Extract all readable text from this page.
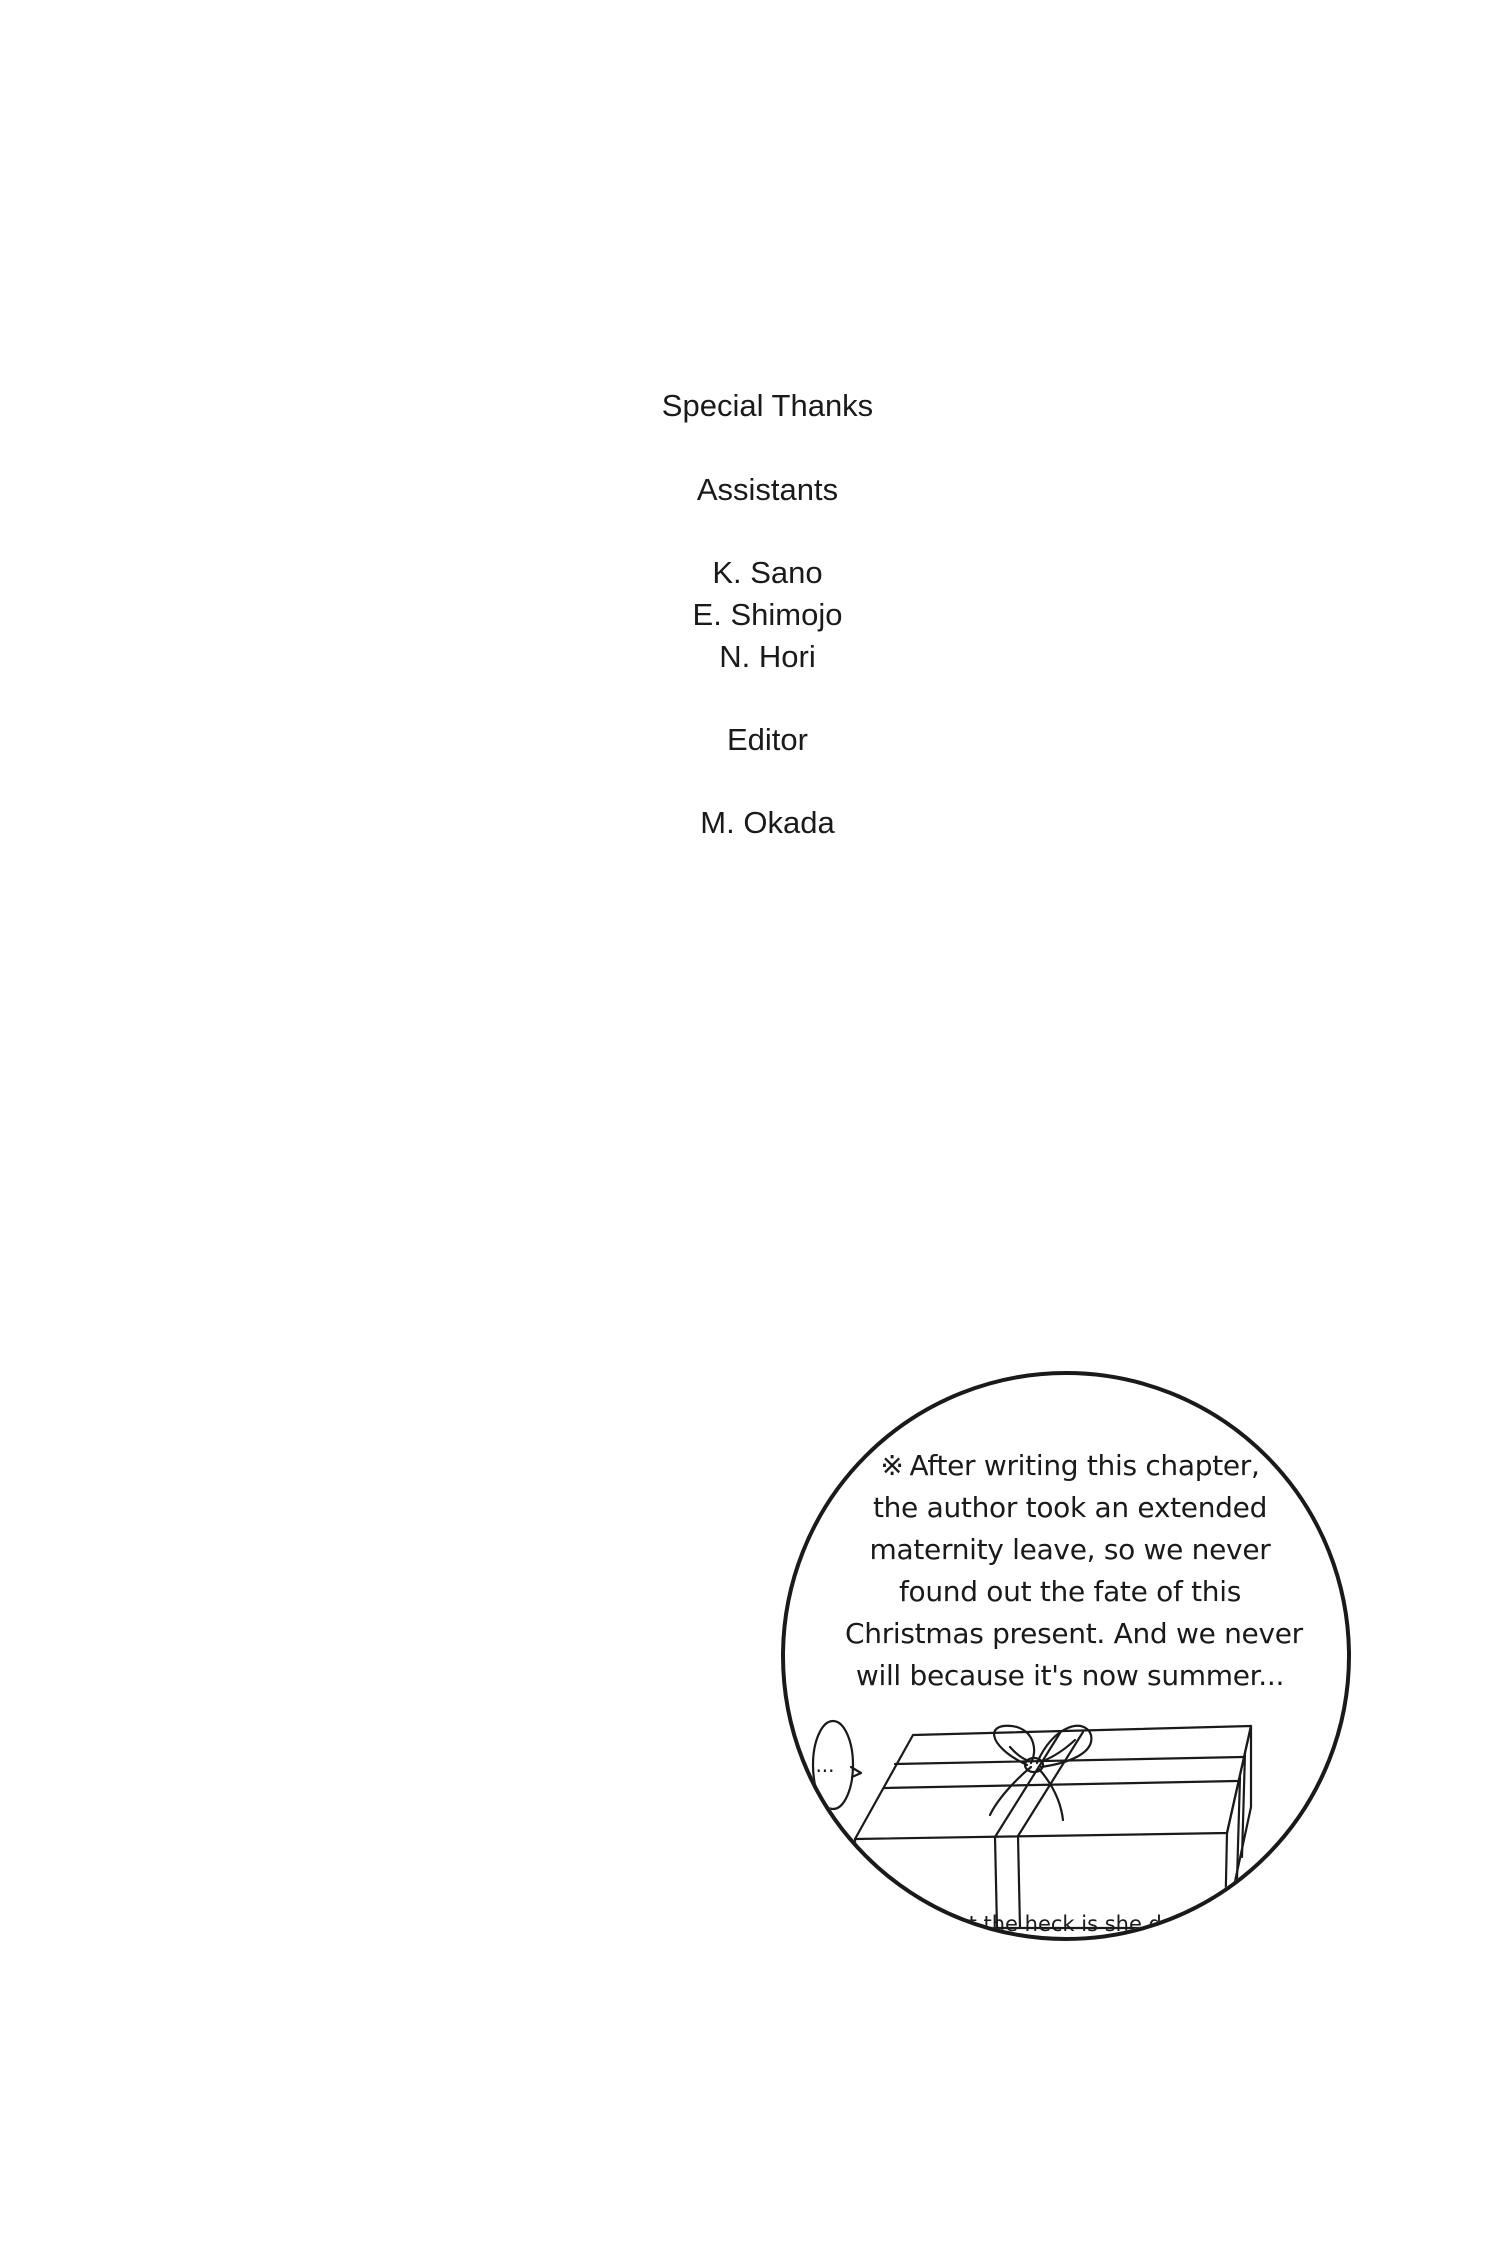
Special Thanks
Assistants
K. Sano
E. Shimojo
N. Hori
Editor
M. Okada
※ After writing this chapter,
the author took an extended
maternity leave, so we never
found out the fate of this
Christmas present. And we never
will because it's now summer...
...
What the heck is she doing?
